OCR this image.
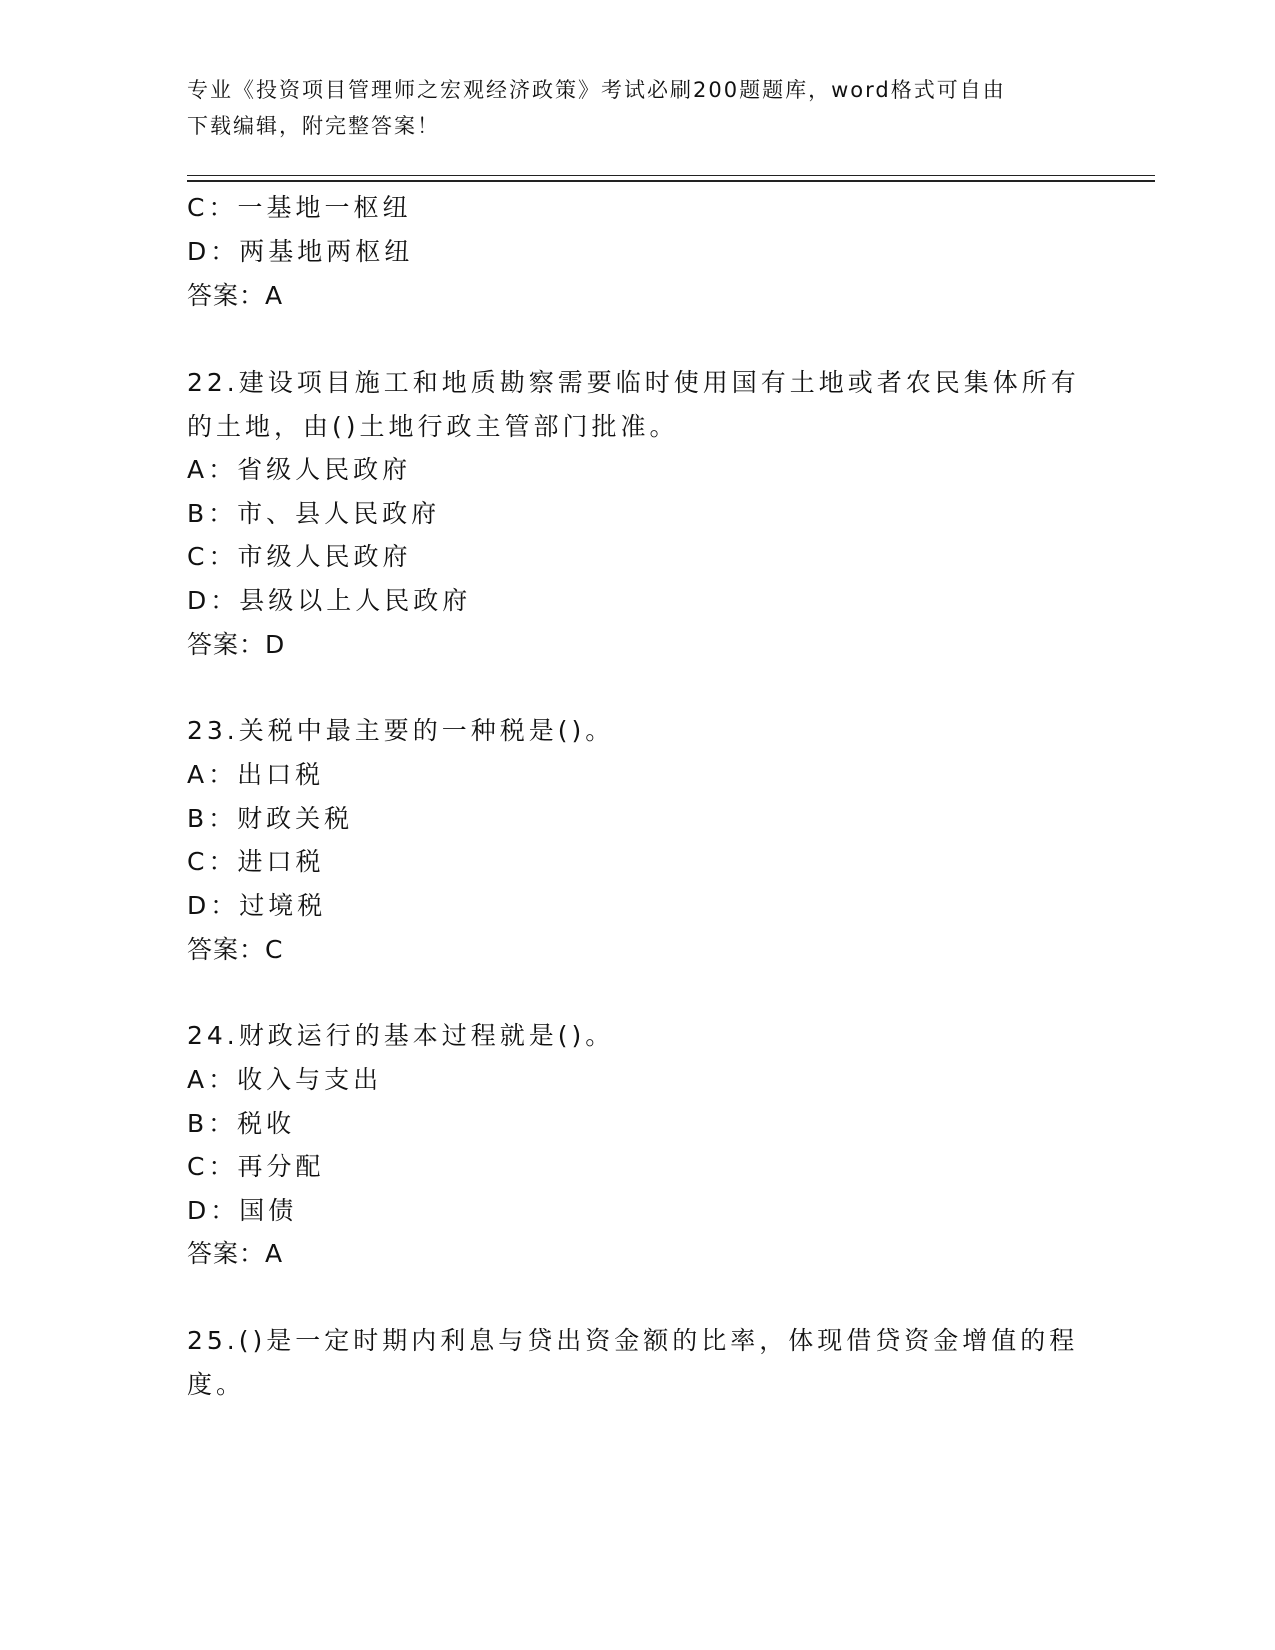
专业《投资项目管理师之宏观经济政策》考试必刷200题题库，word格式可自由
下载编辑，附完整答案！
C：一基地一枢纽
D：两基地两枢纽
答案：A
22.建设项目施工和地质勘察需要临时使用国有土地或者农民集体所有
的土地，由()土地行政主管部门批准。
A：省级人民政府
B：市、县人民政府
C：市级人民政府
D：县级以上人民政府
答案：D
23.关税中最主要的一种税是()。
A：出口税
B：财政关税
C：进口税
D：过境税
答案：C
24.财政运行的基本过程就是()。
A：收入与支出
B：税收
C：再分配
D：国债
答案：A
25.()是一定时期内利息与贷出资金额的比率，体现借贷资金增值的程
度。
